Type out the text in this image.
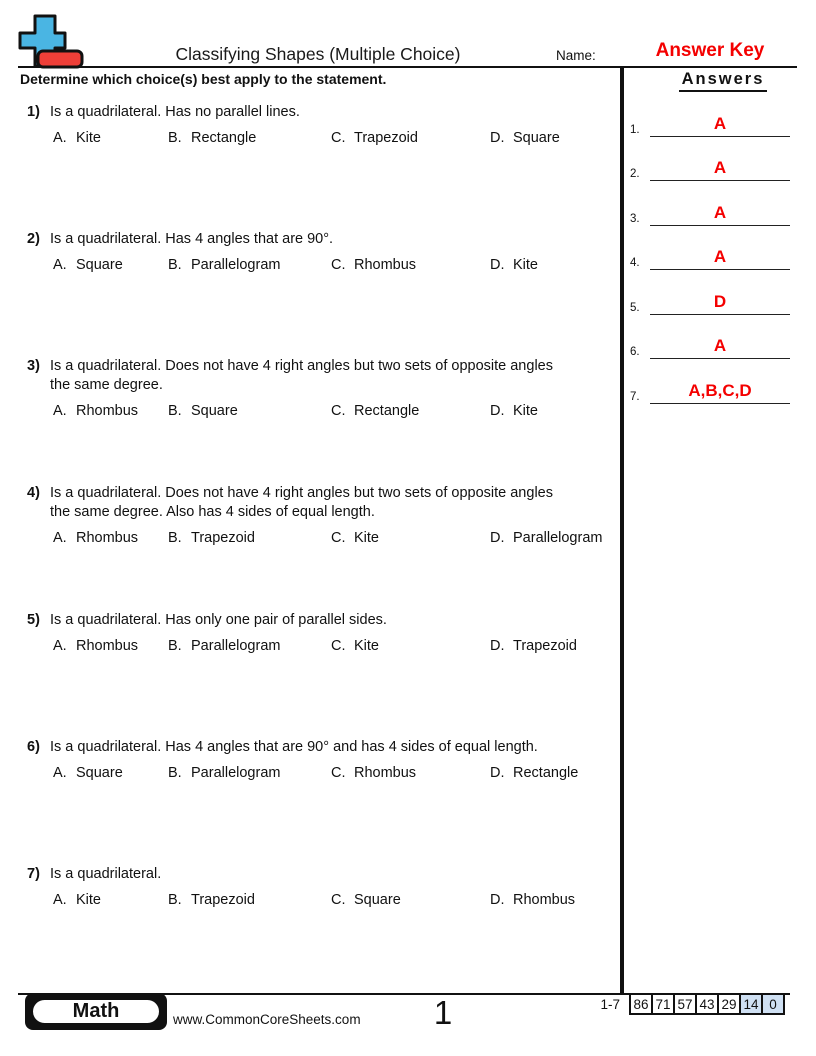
Classifying Shapes (Multiple Choice)	Name:	Answer Key
Determine which choice(s) best apply to the statement.
1) Is a quadrilateral. Has no parallel lines.
A. Kite	B. Rectangle	C. Trapezoid	D. Square
2) Is a quadrilateral. Has 4 angles that are 90°.
A. Square	B. Parallelogram	C. Rhombus	D. Kite
3) Is a quadrilateral. Does not have 4 right angles but two sets of opposite angles
the same degree.
A. Rhombus	B. Square	C. Rectangle	D. Kite
4) Is a quadrilateral. Does not have 4 right angles but two sets of opposite angles
the same degree. Also has 4 sides of equal length.
A. Rhombus	B. Trapezoid	C. Kite	D. Parallelogram
5) Is a quadrilateral. Has only one pair of parallel sides.
A. Rhombus	B. Parallelogram	C. Kite	D. Trapezoid
6) Is a quadrilateral. Has 4 angles that are 90° and has 4 sides of equal length.
A. Square	B. Parallelogram	C. Rhombus	D. Rectangle
7) Is a quadrilateral.
A. Kite	B. Trapezoid	C. Square	D. Rhombus
Answers
1.	A
2.	A
3.	A
4.	A
5.	D
6.	A
7.	A,B,C,D
Math	www.CommonCoreSheets.com	1	1-7 86 71 57 43 29 14 0
